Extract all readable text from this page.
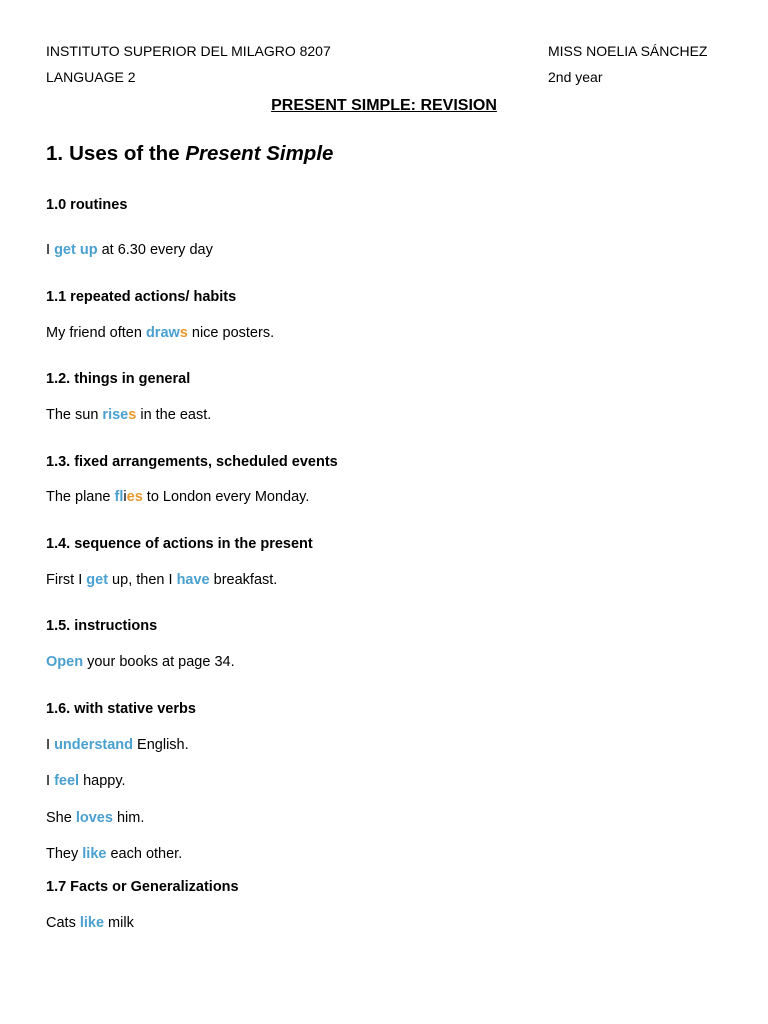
INSTITUTO SUPERIOR DEL MILAGRO 8207	MISS NOELIA SÁNCHEZ
LANGUAGE 2	2nd year
PRESENT SIMPLE: REVISION
1. Uses of the Present Simple
1.0 routines
I get up at 6.30 every day
1.1 repeated actions/ habits
My friend often draws nice posters.
1.2. things in general
The sun rises in the east.
1.3. fixed arrangements, scheduled events
The plane flies to London every Monday.
1.4. sequence of actions in the present
First I get up, then I have breakfast.
1.5. instructions
Open your books at page 34.
1.6. with stative verbs
I understand English.
I feel happy.
She loves him.
They like each other.
1.7 Facts or Generalizations
Cats like milk
